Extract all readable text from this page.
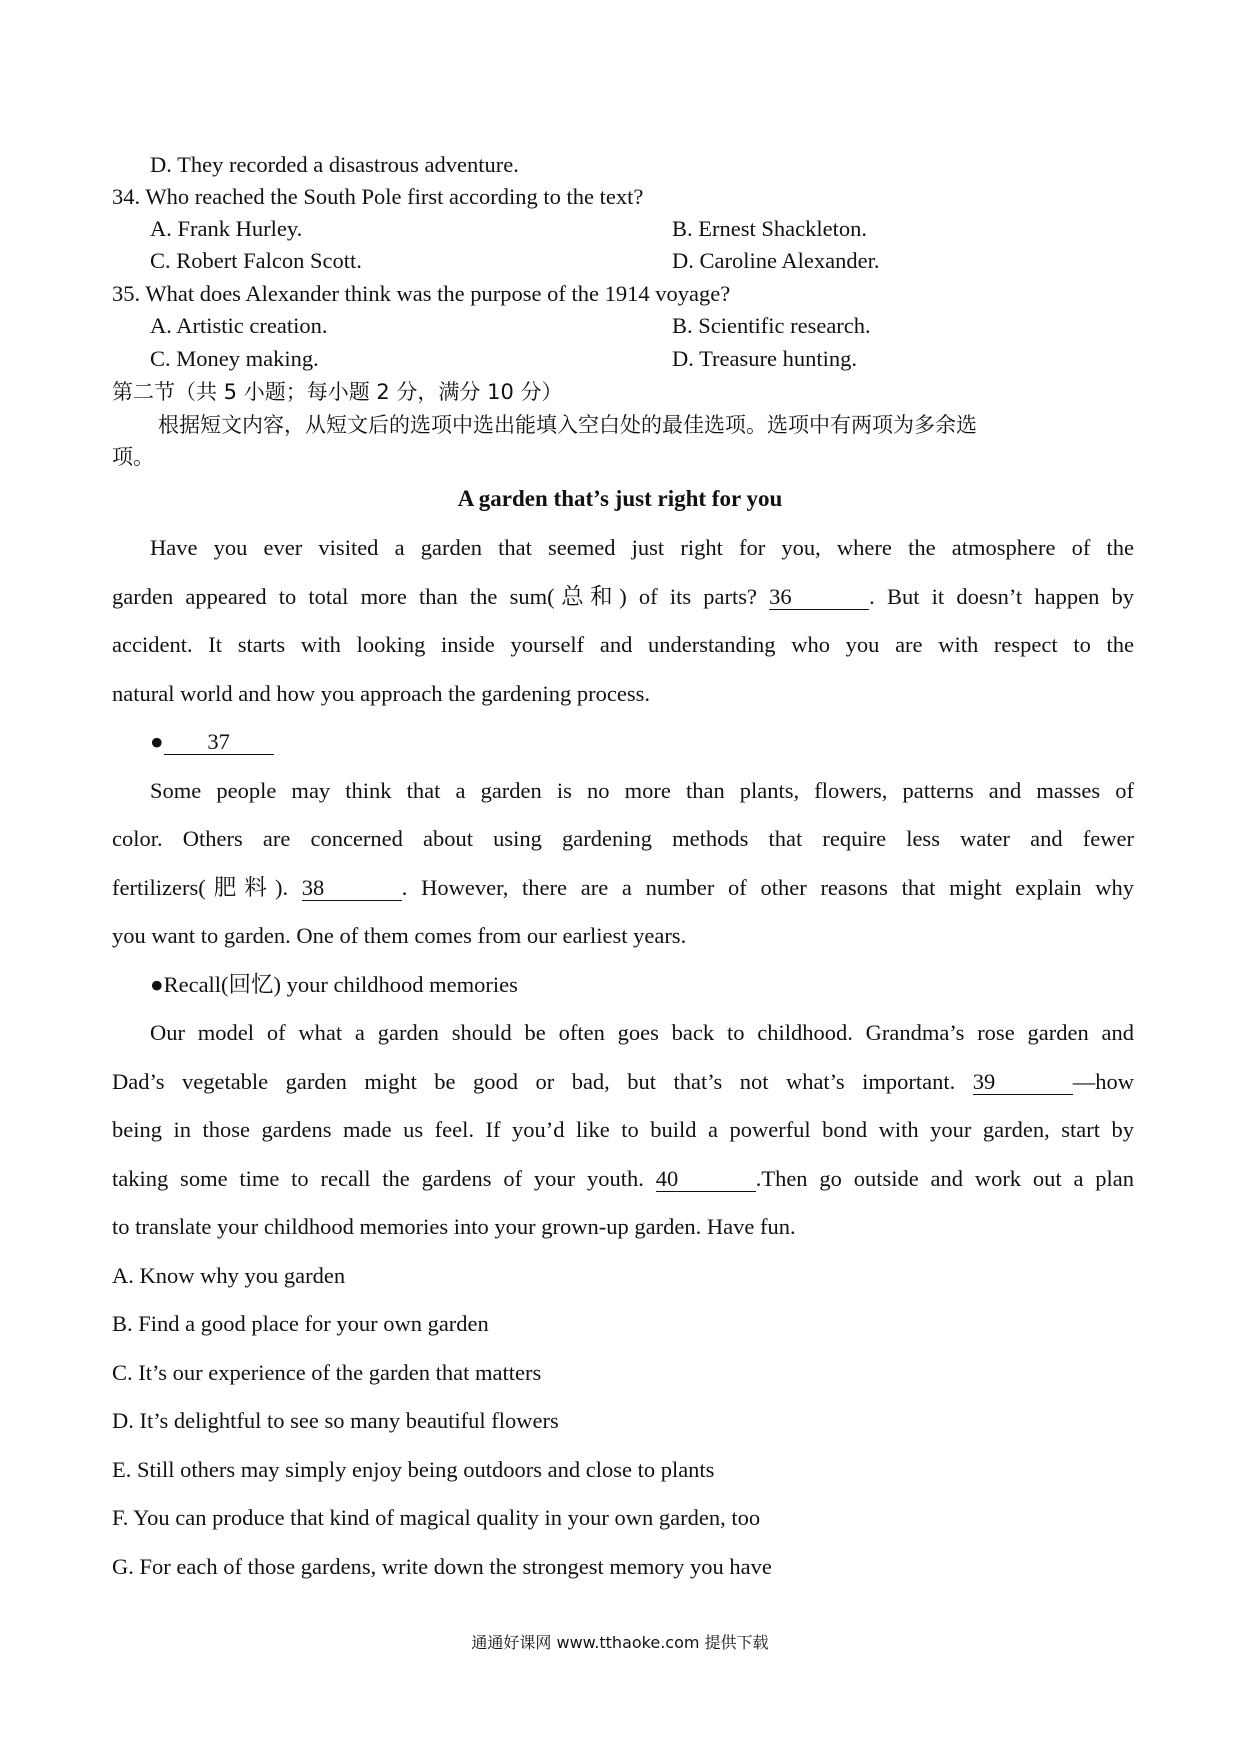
D. They recorded a disastrous adventure.
34. Who reached the South Pole first according to the text?
A. Frank Hurley.	B. Ernest Shackleton.
C. Robert Falcon Scott.	D. Caroline Alexander.
35. What does Alexander think was the purpose of the 1914 voyage?
A. Artistic creation.	B. Scientific research.
C. Money making.	D. Treasure hunting.
第二节（共 5 小题；每小题 2 分，满分 10 分）
根据短文内容，从短文后的选项中选出能填入空白处的最佳选项。选项中有两项为多余选
项。
A garden that’s just right for you
Have you ever visited a garden that seemed just right for you, where the atmosphere of the
garden appeared to total more than the sum(总和) of its parts? 36	. But it doesn’t happen by
accident. It starts with looking inside yourself and understanding who you are with respect to the
natural world and how you approach the gardening process.
● 37
Some people may think that a garden is no more than plants, flowers, patterns and masses of
color. Others are concerned about using gardening methods that require less water and fewer
fertilizers(肥料). 38	. However, there are a number of other reasons that might explain why
you want to garden. One of them comes from our earliest years.
●Recall(回忆) your childhood memories
Our model of what a garden should be often goes back to childhood. Grandma’s rose garden and
Dad’s vegetable garden might be good or bad, but that’s not what’s important. 39	—how
being in those gardens made us feel. If you’d like to build a powerful bond with your garden, start by
taking some time to recall the gardens of your youth. 40	.Then go outside and work out a plan
to translate your childhood memories into your grown-up garden. Have fun.
A. Know why you garden
B. Find a good place for your own garden
C. It’s our experience of the garden that matters
D. It’s delightful to see so many beautiful flowers
E. Still others may simply enjoy being outdoors and close to plants
F. You can produce that kind of magical quality in your own garden, too
G. For each of those gardens, write down the strongest memory you have
通通好课网 www.tthaoke.com 提供下载
